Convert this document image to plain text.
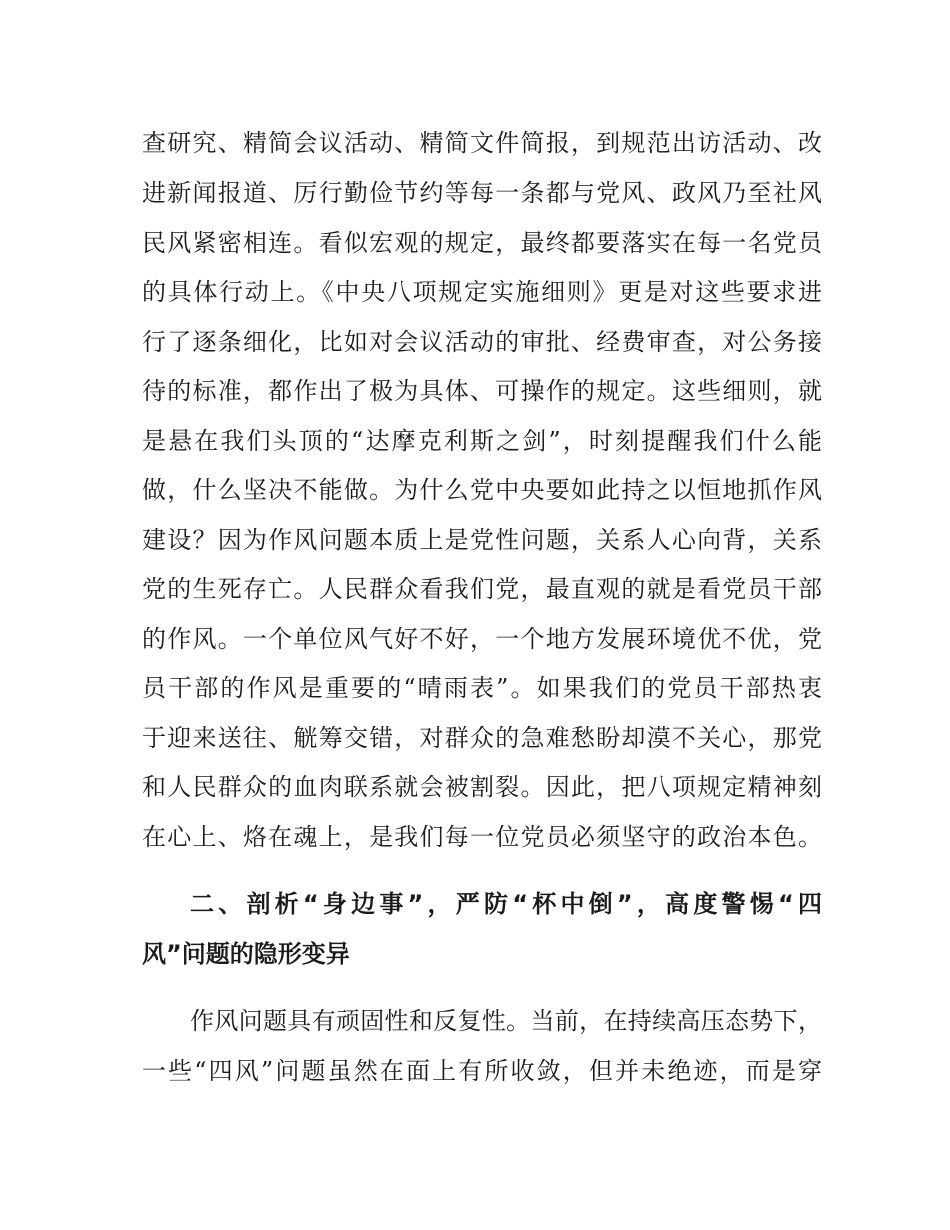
查研究、精简会议活动、精简文件简报，到规范出访活动、改
进新闻报道、厉行勤俭节约等每一条都与党风、政风乃至社风
民风紧密相连。看似宏观的规定，最终都要落实在每一名党员
的具体行动上。《中央八项规定实施细则》更是对这些要求进
行了逐条细化，比如对会议活动的审批、经费审查，对公务接
待的标准，都作出了极为具体、可操作的规定。这些细则，就
是悬在我们头顶的“达摩克利斯之剑”，时刻提醒我们什么能
做，什么坚决不能做。为什么党中央要如此持之以恒地抓作风
建设？因为作风问题本质上是党性问题，关系人心向背，关系
党的生死存亡。人民群众看我们党，最直观的就是看党员干部
的作风。一个单位风气好不好，一个地方发展环境优不优，党
员干部的作风是重要的“晴雨表”。如果我们的党员干部热衷
于迎来送往、觥筹交错，对群众的急难愁盼却漠不关心，那党
和人民群众的血肉联系就会被割裂。因此，把八项规定精神刻
在心上、烙在魂上，是我们每一位党员必须坚守的政治本色。
二、剖析“身边事”，严防“杯中倒”，高度警惕“四
风”问题的隐形变异
作风问题具有顽固性和反复性。当前，在持续高压态势下，
一些“四风”问题虽然在面上有所收敛，但并未绝迹，而是穿
